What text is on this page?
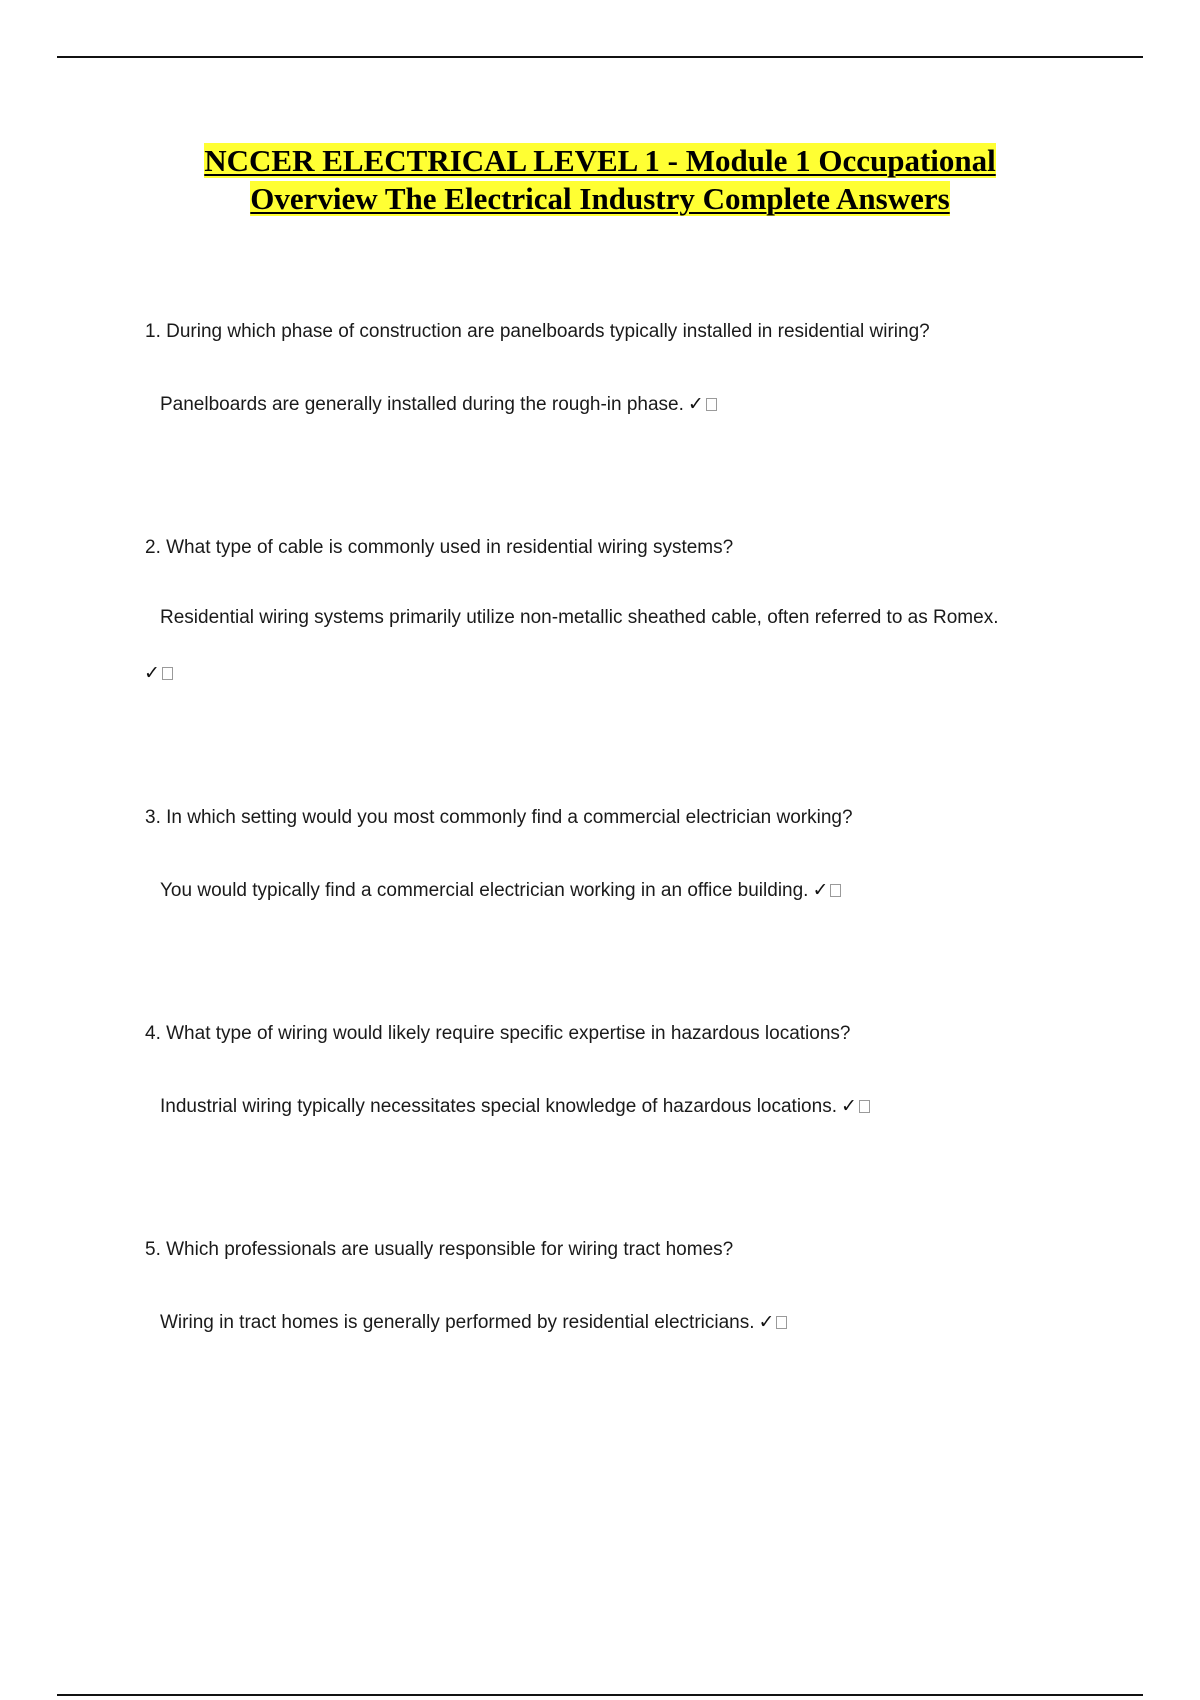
NCCER ELECTRICAL LEVEL 1 - Module 1 Occupational
Overview The Electrical Industry Complete Answers
1. During which phase of construction are panelboards typically installed in residential wiring?
Panelboards are generally installed during the rough-in phase. ✓
2. What type of cable is commonly used in residential wiring systems?
Residential wiring systems primarily utilize non-metallic sheathed cable, often referred to as Romex.
✓
3. In which setting would you most commonly find a commercial electrician working?
You would typically find a commercial electrician working in an office building. ✓
4. What type of wiring would likely require specific expertise in hazardous locations?
Industrial wiring typically necessitates special knowledge of hazardous locations. ✓
5. Which professionals are usually responsible for wiring tract homes?
Wiring in tract homes is generally performed by residential electricians. ✓
